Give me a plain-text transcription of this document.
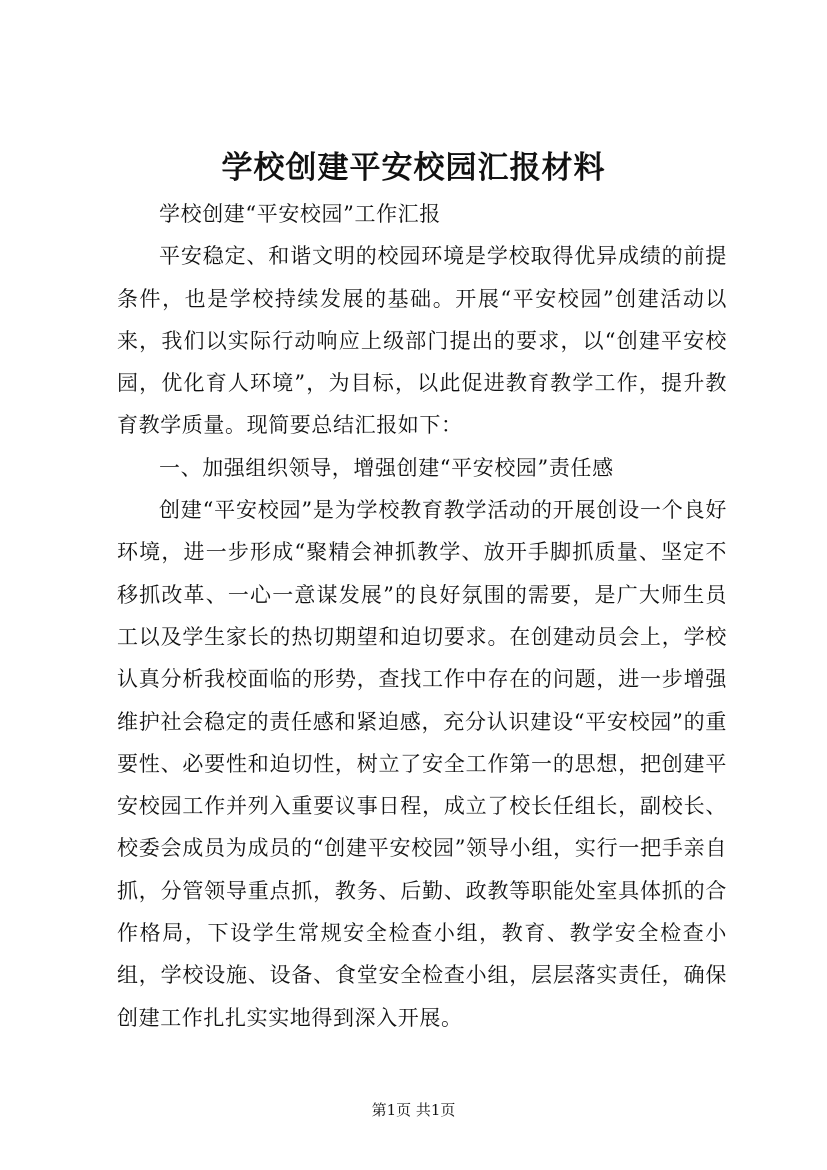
学校创建平安校园汇报材料

学校创建“平安校园”工作汇报

平安稳定、和谐文明的校园环境是学校取得优异成绩的前提条件，也是学校持续发展的基础。开展“平安校园”创建活动以来，我们以实际行动响应上级部门提出的要求，以“创建平安校园，优化育人环境”，为目标，以此促进教育教学工作，提升教育教学质量。现简要总结汇报如下：

一、加强组织领导，增强创建“平安校园”责任感

创建“平安校园”是为学校教育教学活动的开展创设一个良好环境，进一步形成“聚精会神抓教学、放开手脚抓质量、坚定不移抓改革、一心一意谋发展”的良好氛围的需要，是广大师生员工以及学生家长的热切期望和迫切要求。在创建动员会上，学校认真分析我校面临的形势，查找工作中存在的问题，进一步增强维护社会稳定的责任感和紧迫感，充分认识建设“平安校园”的重要性、必要性和迫切性，树立了安全工作第一的思想，把创建平安校园工作并列入重要议事日程，成立了校长任组长，副校长、校委会成员为成员的“创建平安校园”领导小组，实行一把手亲自抓，分管领导重点抓，教务、后勤、政教等职能处室具体抓的合作格局，下设学生常规安全检查小组，教育、教学安全检查小组，学校设施、设备、食堂安全检查小组，层层落实责任，确保创建工作扎扎实实地得到深入开展。

第1页 共1页
